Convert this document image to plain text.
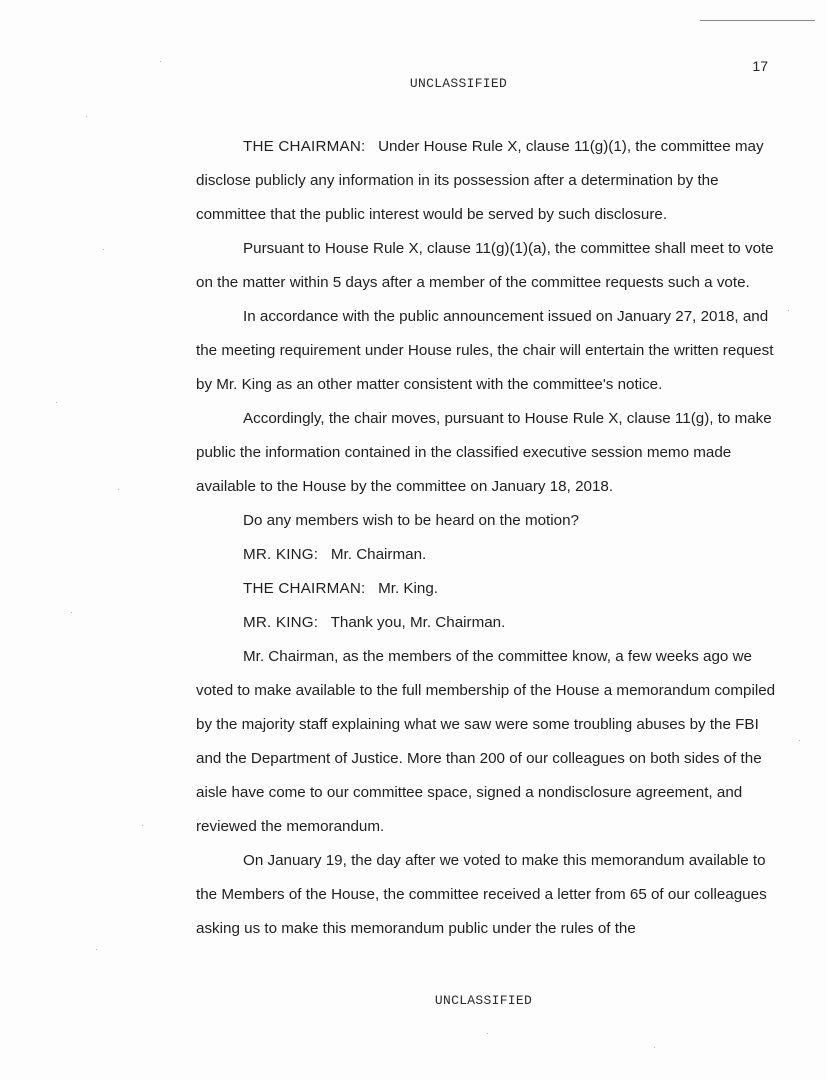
17
UNCLASSIFIED

THE CHAIRMAN: Under House Rule X, clause 11(g)(1), the committee may disclose publicly any information in its possession after a determination by the committee that the public interest would be served by such disclosure.

Pursuant to House Rule X, clause 11(g)(1)(a), the committee shall meet to vote on the matter within 5 days after a member of the committee requests such a vote.

In accordance with the public announcement issued on January 27, 2018, and the meeting requirement under House rules, the chair will entertain the written request by Mr. King as an other matter consistent with the committee's notice.

Accordingly, the chair moves, pursuant to House Rule X, clause 11(g), to make public the information contained in the classified executive session memo made available to the House by the committee on January 18, 2018.

Do any members wish to be heard on the motion?

MR. KING: Mr. Chairman.

THE CHAIRMAN: Mr. King.

MR. KING: Thank you, Mr. Chairman.

Mr. Chairman, as the members of the committee know, a few weeks ago we voted to make available to the full membership of the House a memorandum compiled by the majority staff explaining what we saw were some troubling abuses by the FBI and the Department of Justice. More than 200 of our colleagues on both sides of the aisle have come to our committee space, signed a nondisclosure agreement, and reviewed the memorandum.

On January 19, the day after we voted to make this memorandum available to the Members of the House, the committee received a letter from 65 of our colleagues asking us to make this memorandum public under the rules of the

UNCLASSIFIED
